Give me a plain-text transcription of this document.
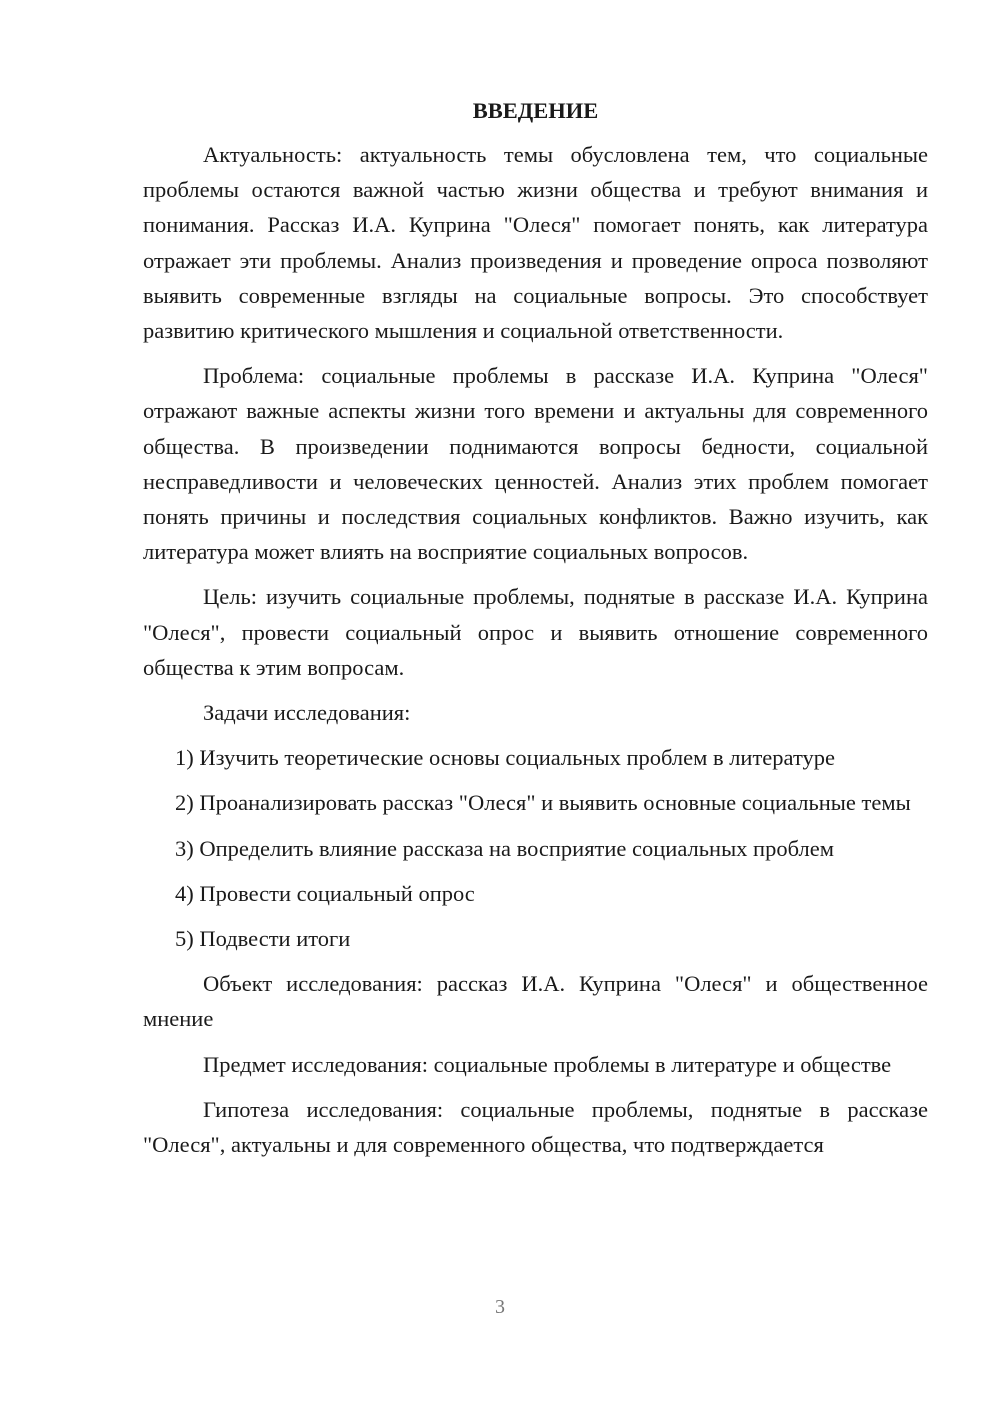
ВВЕДЕНИЕ

Актуальность: актуальность темы обусловлена тем, что социальные проблемы остаются важной частью жизни общества и требуют внимания и понимания. Рассказ И.А. Куприна "Олеся" помогает понять, как литература отражает эти проблемы. Анализ произведения и проведение опроса позволяют выявить современные взгляды на социальные вопросы. Это способствует развитию критического мышления и социальной ответственности.

Проблема: социальные проблемы в рассказе И.А. Куприна "Олеся" отражают важные аспекты жизни того времени и актуальны для современного общества. В произведении поднимаются вопросы бедности, социальной несправедливости и человеческих ценностей. Анализ этих проблем помогает понять причины и последствия социальных конфликтов. Важно изучить, как литература может влиять на восприятие социальных вопросов.

Цель: изучить социальные проблемы, поднятые в рассказе И.А. Куприна "Олеся", провести социальный опрос и выявить отношение современного общества к этим вопросам.

Задачи исследования:

1) Изучить теоретические основы социальных проблем в литературе

2) Проанализировать рассказ "Олеся" и выявить основные социальные темы

3) Определить влияние рассказа на восприятие социальных проблем

4) Провести социальный опрос

5) Подвести итоги

Объект исследования: рассказ И.А. Куприна "Олеся" и общественное мнение

Предмет исследования: социальные проблемы в литературе и обществе

Гипотеза исследования: социальные проблемы, поднятые в рассказе "Олеся", актуальны и для современного общества, что подтверждается

3
